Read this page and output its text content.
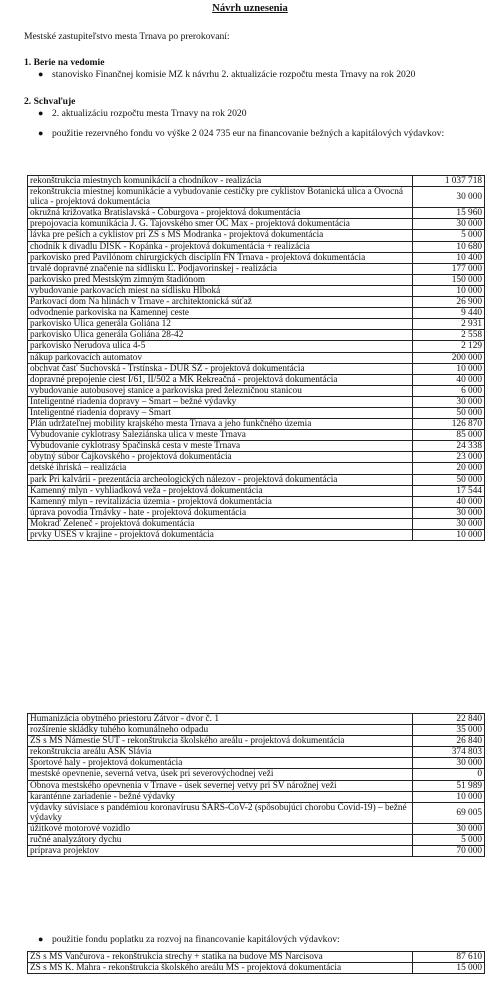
Návrh uznesenia
Mestské zastupiteľstvo mesta Trnava po prerokovaní:
1. Berie na vedomie
● stanovisko Finančnej komisie MZ k návrhu 2. aktualizácie rozpočtu mesta Trnavy na rok 2020
2. Schvaľuje
● 2. aktualizáciu rozpočtu mesta Trnavy na rok 2020
● použitie rezervného fondu vo výške 2 024 735 eur na financovanie bežných a kapitálových výdavkov:
rekonštrukcia miestnych komunikácií a chodníkov - realizácia	1 037 718
rekonštrukcia miestnej komunikácie a vybudovanie cestičky pre cyklistov Botanická ulica a Ovocná ulica - projektová dokumentácia	30 000
okružná križovatka Bratislavská - Coburgova - projektová dokumentácia	15 960
prepojovacia komunikácia J. G. Tajovského smer OC Max - projektová dokumentácia	30 000
lávka pre peších a cyklistov pri ZŠ s MŠ Modranka - projektová dokumentácia	5 000
chodník k divadlu DISK - Kopánka - projektová dokumentácia + realizácia	10 680
parkovisko pred Pavilónom chirurgických disciplín FN Trnava - projektová dokumentácia	10 400
trvalé dopravné značenie na sídlisku Ľ. Podjavorinskej - realizácia	177 000
parkovisko pred Mestským zimným štadiónom	150 000
vybudovanie parkovacích miest na sídlisku Hlboká	10 000
Parkovací dom Na hlinách v Trnave - architektonická súťaž	26 900
odvodnenie parkoviska na Kamennej ceste	9 440
parkovisko Ulica generála Goliána 12	2 931
parkovisko Ulica generála Goliána 28-42	2 558
parkovisko Nerudova ulica 4-5	2 129
nákup parkovacích automatov	200 000
obchvat časť Suchovská - Trstínska - DUR SZ - projektová dokumentácia	10 000
dopravné prepojenie ciest I/61, II/502 a MK Rekreačná - projektová dokumentácia	40 000
vybudovanie autobusovej stanice a parkoviska pred železničnou stanicou	6 000
Inteligentné riadenia dopravy – Smart – bežné výdavky	30 000
Inteligentné riadenia dopravy – Smart	50 000
Plán udržateľnej mobility krajského mesta Trnava a jeho funkčného územia	126 870
Vybudovanie cyklotrasy Saleziánska ulica v meste Trnava	85 000
Vybudovanie cyklotrasy Spačinská cesta v meste Trnava	24 338
obytný súbor Čajkovského - projektová dokumentácia	23 000
detské ihriská – realizácia	20 000
park Pri kalvárii - prezentácia archeologických nálezov - projektová dokumentácia	50 000
Kamenný mlyn - vyhliadková veža - projektová dokumentácia	17 544
Kamenný mlyn - revitalizácia územia - projektová dokumentácia	40 000
úprava povodia Trnávky - hate - projektová dokumentácia	30 000
Mokraď Zeleneč - projektová dokumentácia	30 000
prvky ÚSES v krajine - projektová dokumentácia	10 000
Humanizácia obytného priestoru Zátvor - dvor č. 1	22 840
rozšírenie skládky tuhého komunálneho odpadu	35 000
ZŠ s MŠ Námestie SUT - rekonštrukcia školského areálu - projektová dokumentácia	26 840
rekonštrukcia areálu AŠK Slávia	374 803
športové haly - projektová dokumentácia	30 000
mestské opevnenie, severná vetva, úsek pri severovýchodnej veži	0
Obnova mestského opevnenia v Trnave - úsek severnej vetvy pri SV nárožnej veži	51 989
karanténne zariadenie - bežné výdavky	10 000
výdavky súvisiace s pandémiou koronavírusu SARS-CoV-2 (spôsobujúci chorobu Covid-19) – bežné výdavky	69 005
úžitkové motorové vozidlo	30 000
ručné analyzátory dychu	5 000
príprava projektov	70 000
● použitie fondu poplatku za rozvoj na financovanie kapitálových výdavkov:
ZŠ s MŠ Vančurova - rekonštrukcia strechy + statika na budove MŠ Narcisova	87 610
ZŠ s MŠ K. Mahra - rekonštrukcia školského areálu MŠ - projektová dokumentácia	15 000
